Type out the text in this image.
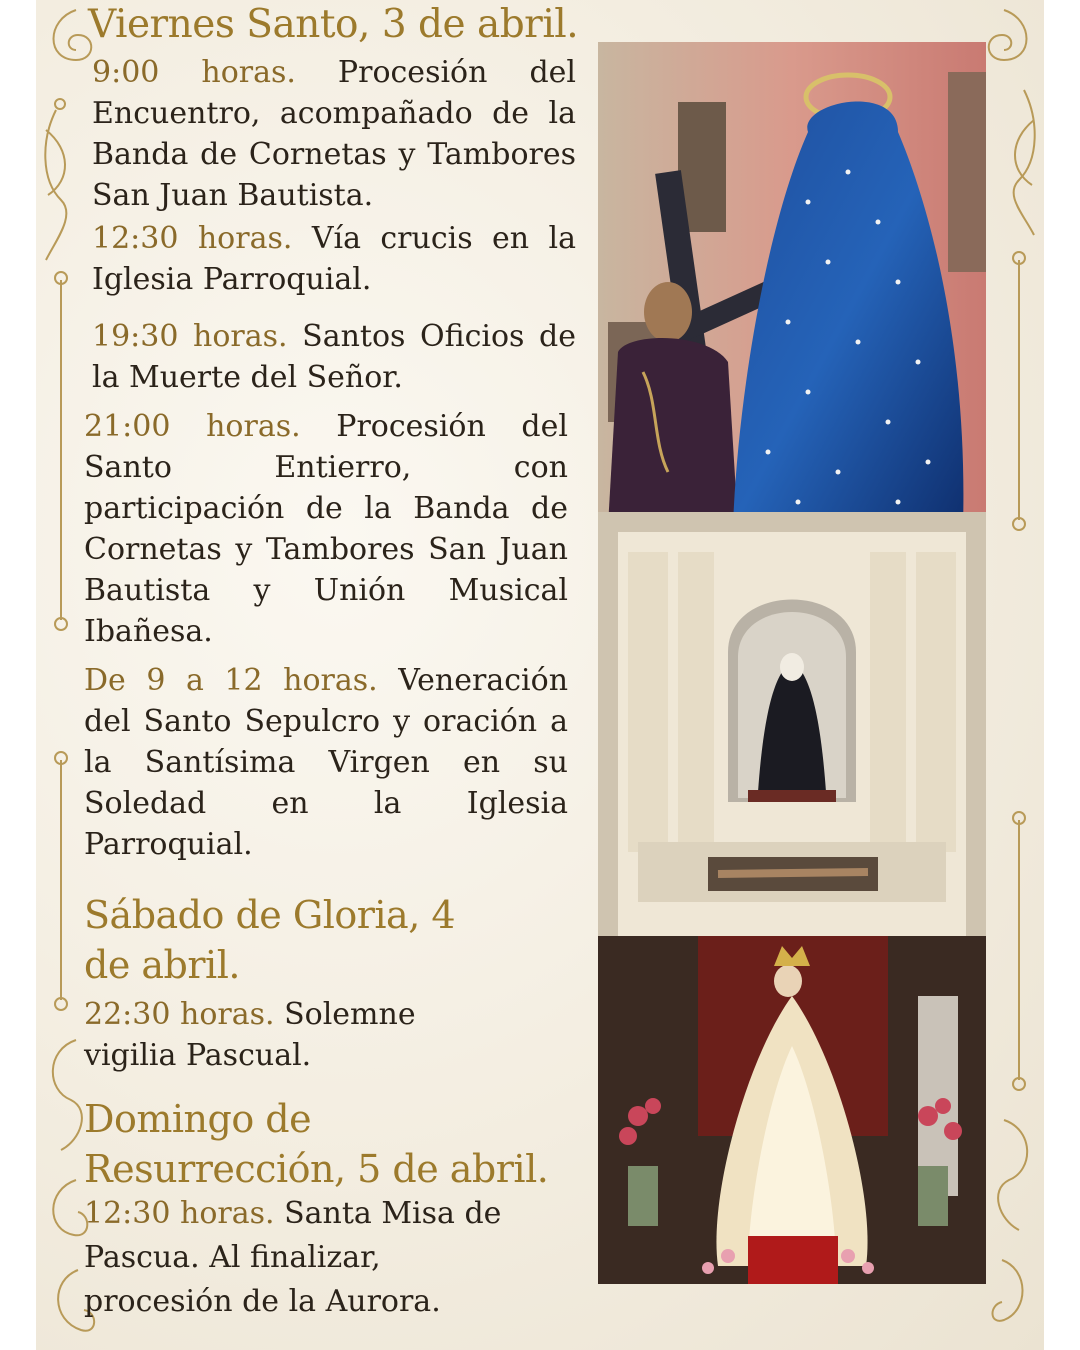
Viernes Santo, 3 de abril.

9:00 horas. Procesión del Encuentro, acompañado de la Banda de Cornetas y Tambores San Juan Bautista.

12:30 horas. Vía crucis en la Iglesia Parroquial.

19:30 horas. Santos Oficios de la Muerte del Señor.

21:00 horas. Procesión del Santo Entierro, con participación de la Banda de Cornetas y Tambores San Juan Bautista y Unión Musical Ibañesa.

De 9 a 12 horas. Veneración del Santo Sepulcro y oración a la Santísima Virgen en su Soledad en la Iglesia Parroquial.

Sábado de Gloria, 4
de abril.

22:30 horas. Solemne
vigilia Pascual.

Domingo de
Resurrección, 5 de abril.

12:30 horas. Santa Misa de
Pascua. Al finalizar,
procesión de la Aurora.
